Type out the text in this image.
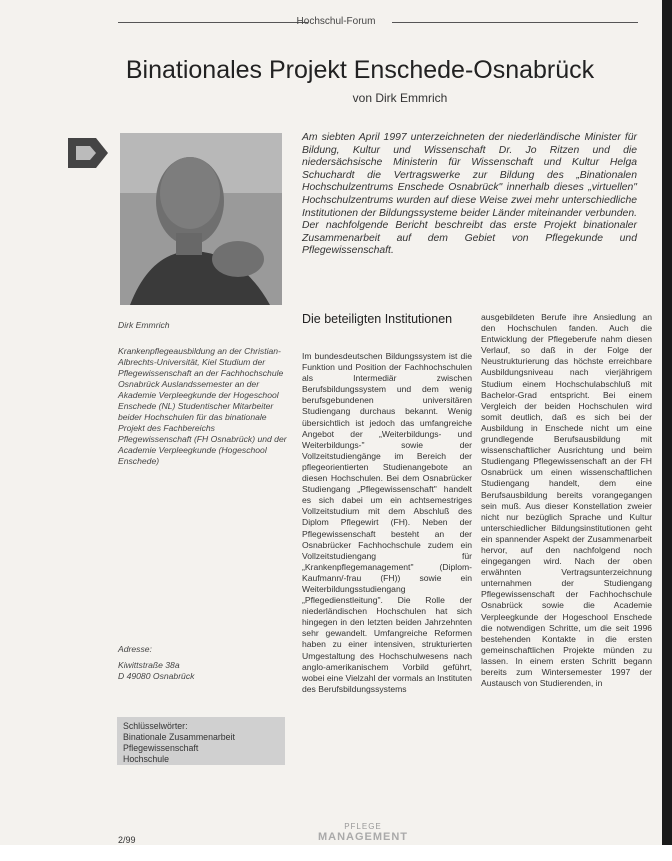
Hochschul-Forum
Binationales Projekt Enschede-Osnabrück
von Dirk Emmrich

Am siebten April 1997 unterzeichneten der niederländische Minister für Bildung, Kultur und Wissenschaft Dr. Jo Ritzen und die niedersächsische Ministerin für Wissenschaft und Kultur Helga Schuchardt die Vertragswerke zur Bildung des „Binationalen Hochschulzentrums Enschede Osnabrück" innerhalb dieses „virtuellen" Hochschulzentrums wurden auf diese Weise zwei mehr unterschiedliche Institutionen der Bildungssysteme beider Länder miteinander verbunden. Der nachfolgende Bericht beschreibt das erste Projekt binationaler Zusammenarbeit auf dem Gebiet von Pflegekunde und Pflegewissenschaft.

Dirk Emmrich

Krankenpflegeausbildung an der Christian-Albrechts-Universität, Kiel Studium der Pflegewissenschaft an der Fachhochschule Osnabrück Auslandssemester an der Akademie Verpleegkunde der Hogeschool Enschede (NL) Studentischer Mitarbeiter beider Hochschulen für das binationale Projekt des Fachbereichs Pflegewissenschaft (FH Osnabrück) und der Academie Verpleegkunde (Hogeschool Enschede)

Adresse:

Kiwittstraße 38a

D 49080 Osnabrück

Schlüsselwörter:
Binationale Zusammenarbeit
Pflegewissenschaft
Hochschule

Die beteiligten Institutionen

Im bundesdeutschen Bildungssystem ist die Funktion und Position der Fachhochschulen als Intermediär zwischen Berufsbildungssystem und dem wenig berufsgebundenen universitären Studiengang durchaus bekannt. Wenig übersichtlich ist jedoch das umfangreiche Angebot der „Weiterbildungs- und Weiterbildungs-" sowie der Vollzeitstudiengänge im Bereich der pflegeorientierten Studienangebote an diesen Hochschulen. Bei dem Osnabrücker Studiengang „Pflegewissenschaft" handelt es sich dabei um ein achtsemestriges Vollzeitstudium mit dem Abschluß des Diplom Pflegewirt (FH). Neben der Pflegewissenschaft besteht an der Osnabrücker Fachhochschule zudem ein Vollzeitstudiengang für „Krankenpflegemanagement" (Diplom-Kaufmann/-frau (FH)) sowie ein Weiterbildungsstudiengang „Pflegedienstleitung". Die Rolle der niederländischen Hochschulen hat sich hingegen in den letzten beiden Jahrzehnten sehr gewandelt. Umfangreiche Reformen haben zu einer intensiven, strukturierten Umgestaltung des Hochschulwesens nach anglo-amerikanischem Vorbild geführt, wobei eine Vielzahl der vormals an Instituten des Berufsbildungssystems

ausgebildeten Berufe ihre Ansiedlung an den Hochschulen fanden. Auch die Entwicklung der Pflegeberufe nahm diesen Verlauf, so daß in der Folge der Neustrukturierung das höchste erreichbare Ausbildungsniveau nach vierjährigem Studium einem Hochschulabschluß mit Bachelor-Grad entspricht. Bei einem Vergleich der beiden Hochschulen wird somit deutlich, daß es sich bei der Ausbildung in Enschede nicht um eine grundlegende Berufsausbildung mit wissenschaftlicher Ausrichtung und beim Studiengang Pflegewissenschaft an der FH Osnabrück um einen wissenschaftlichen Studiengang handelt, dem eine Berufsausbildung bereits vorangegangen sein muß. Aus dieser Konstellation zweier nicht nur bezüglich Sprache und Kultur unterschiedlicher Bildungsinstitutionen geht ein spannender Aspekt der Zusammenarbeit hervor, auf den nachfolgend noch eingegangen wird. Nach der oben erwähnten Vertragsunterzeichnung unternahmen der Studiengang Pflegewissenschaft der Fachhochschule Osnabrück sowie die Academie Verpleegkunde der Hogeschool Enschede die notwendigen Schritte, um die seit 1996 bestehenden Kontakte in die ersten gemeinschaftlichen Projekte münden zu lassen. In einem ersten Schritt begann bereits zum Wintersemester 1997 der Austausch von Studierenden, in

2/99
PFLEGE
MANAGEMENT
